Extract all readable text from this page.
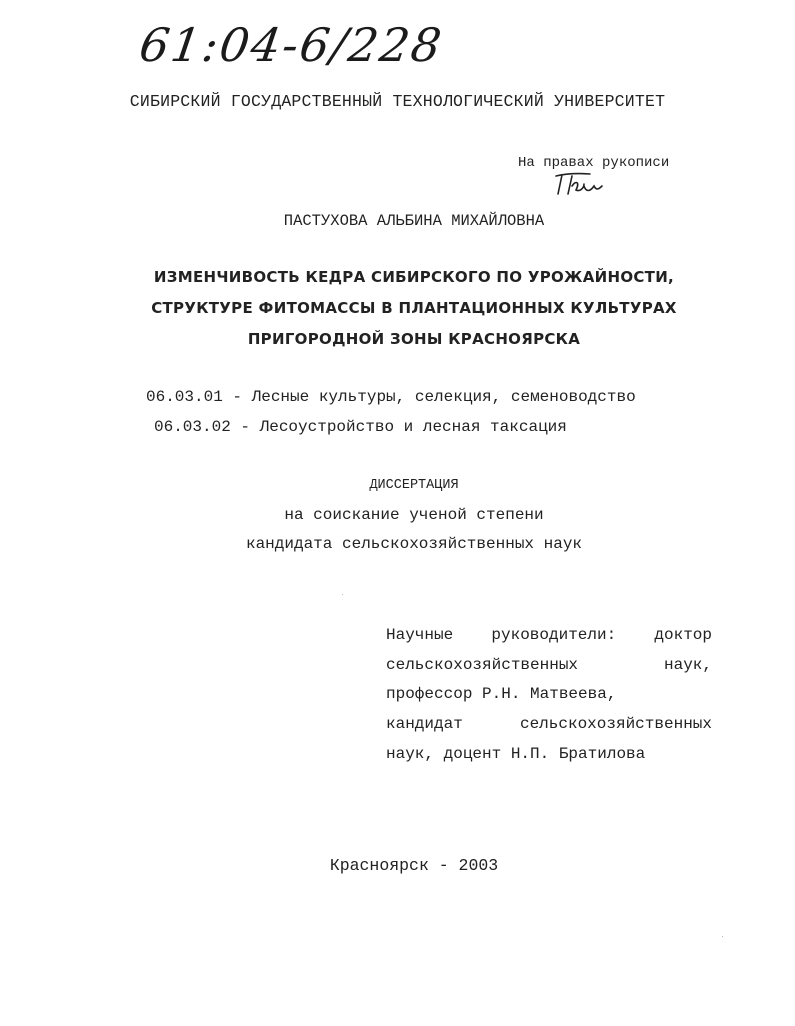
61:04-6/228
СИБИРСКИЙ ГОСУДАРСТВЕННЫЙ ТЕХНОЛОГИЧЕСКИЙ УНИВЕРСИТЕТ
На правах рукописи
ПАСТУХОВА АЛЬБИНА МИХАЙЛОВНА
ИЗМЕНЧИВОСТЬ КЕДРА СИБИРСКОГО ПО УРОЖАЙНОСТИ,
СТРУКТУРЕ ФИТОМАССЫ В ПЛАНТАЦИОННЫХ КУЛЬТУРАХ
ПРИГОРОДНОЙ ЗОНЫ КРАСНОЯРСКА
06.03.01 - Лесные культуры, селекция, семеноводство
06.03.02 - Лесоустройство и лесная таксация
ДИССЕРТАЦИЯ
на соискание ученой степени
кандидата сельскохозяйственных наук
Научные руководители: доктор
сельскохозяйственных наук,
профессор Р.Н. Матвеева,
кандидат сельскохозяйственных
наук, доцент Н.П. Братилова
Красноярск - 2003
